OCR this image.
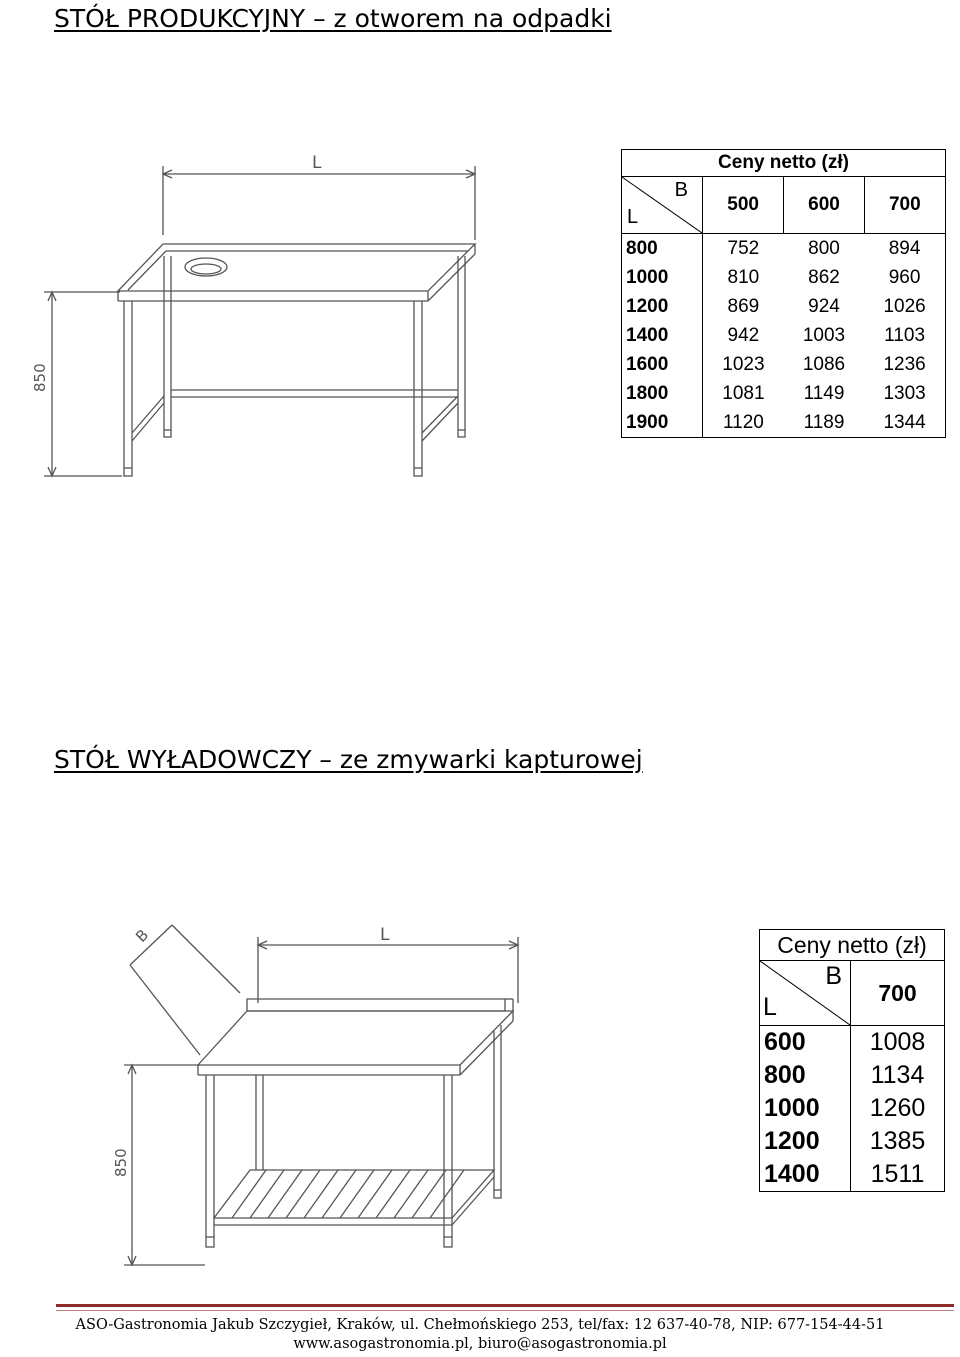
STÓŁ PRODUKCYJNY – z otworem na odpadki
L
850
Ceny netto (zł)			

B
L	500	600	700
800	752	800	894
1000	810	862	960
1200	869	924	1026
1400	942	1003	1103
1600	1023	1086	1236
1800	1081	1149	1303
1900	1120	1189	1344
STÓŁ WYŁADOWCZY – ze zmywarki kapturowej
L
B
850
Ceny netto (zł)	

B
L	700
600	1008
800	1134
1000	1260
1200	1385
1400	1511
ASO-Gastronomia Jakub Szczygieł, Kraków, ul. Chełmońskiego 253, tel/fax: 12 637-40-78, NIP: 677-154-44-51
www.asogastronomia.pl, biuro@asogastronomia.pl
